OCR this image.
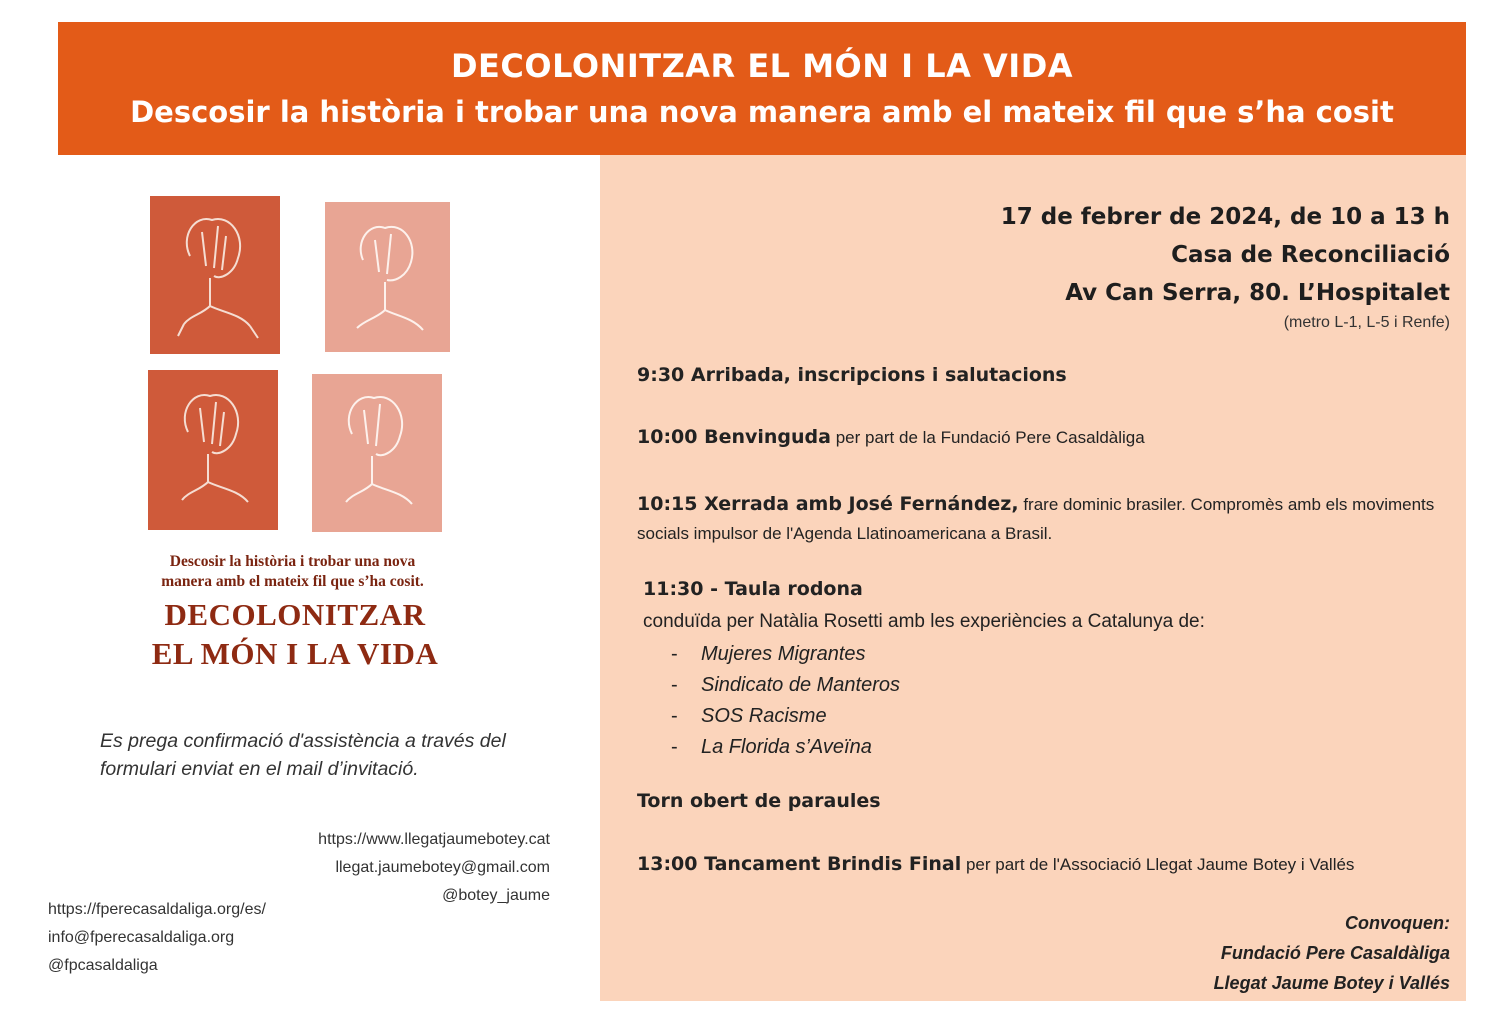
DECOLONITZAR EL MÓN I LA VIDA
Descosir la història i trobar una nova manera amb el mateix fil que s’ha cosit
Descosir la història i trobar una nova
manera amb el mateix fil que s’ha cosit.
DECOLONITZAR
EL MÓN I LA VIDA
Es prega confirmació d'assistència a través del
formulari enviat en el mail d’invitació.
https://www.llegatjaumebotey.cat
llegat.jaumebotey@gmail.com
@botey_jaume
https://fperecasaldaliga.org/es/
info@fperecasaldaliga.org
@fpcasaldaliga
17 de febrer de 2024, de 10 a 13 h
Casa de Reconciliació
Av Can Serra, 80. L’Hospitalet
(metro L-1, L-5 i Renfe)
9:30 Arribada, inscripcions i salutacions
10:00 Benvinguda per part de la Fundació Pere Casaldàliga
10:15 Xerrada amb José Fernández, frare dominic brasiler. Compromès amb els moviments socials impulsor de l'Agenda Llatinoamericana a Brasil.
11:30 - Taula rodona
conduïda per Natàlia Rosetti amb les experiències a Catalunya de:
- Mujeres Migrantes
- Sindicato de Manteros
- SOS Racisme
- La Florida s’Aveïna
Torn obert de paraules
13:00 Tancament Brindis Final per part de l'Associació Llegat Jaume Botey i Vallés
Convoquen:
Fundació Pere Casaldàliga
Llegat Jaume Botey i Vallés
